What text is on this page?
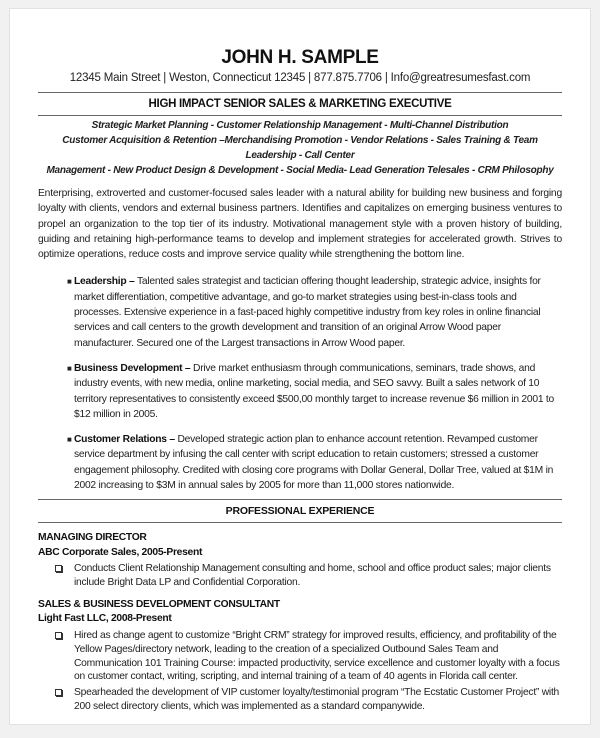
JOHN H. SAMPLE
12345 Main Street | Weston, Connecticut 12345 | 877.875.7706 | Info@greatresumesfast.com
HIGH IMPACT SENIOR SALES & MARKETING EXECUTIVE
Strategic Market Planning - Customer Relationship Management - Multi-Channel Distribution
Customer Acquisition & Retention –Merchandising Promotion - Vendor Relations - Sales Training & Team Leadership - Call Center
Management - New Product Design & Development - Social Media- Lead Generation Telesales - CRM Philosophy
Enterprising, extroverted and customer-focused sales leader with a natural ability for building new business and forging loyalty with clients, vendors and external business partners. Identifies and capitalizes on emerging business ventures to propel an organization to the top tier of its industry. Motivational management style with a proven history of building, guiding and retaining high-performance teams to develop and implement strategies for accelerated growth. Strives to optimize operations, reduce costs and improve service quality while strengthening the bottom line.
■ Leadership – Talented sales strategist and tactician offering thought leadership, strategic advice, insights for market differentiation, competitive advantage, and go-to market strategies using best-in-class tools and processes. Extensive experience in a fast-paced highly competitive industry from key roles in online financial services and call centers to the growth development and transition of an original Arrow Wood paper manufacturer. Secured one of the Largest transactions in Arrow Wood paper.
■ Business Development – Drive market enthusiasm through communications, seminars, trade shows, and industry events, with new media, online marketing, social media, and SEO savvy. Built a sales network of 10 territory representatives to consistently exceed $500,00 monthly target to increase revenue $6 million in 2001 to $12 million in 2005.
■ Customer Relations – Developed strategic action plan to enhance account retention. Revamped customer service department by infusing the call center with script education to retain customers; stressed a customer engagement philosophy. Credited with closing core programs with Dollar General, Dollar Tree, valued at $1M in 2002 increasing to $3M in annual sales by 2005 for more than 11,000 stores nationwide.
PROFESSIONAL EXPERIENCE
MANAGING DIRECTOR
ABC Corporate Sales, 2005-Present
Conducts Client Relationship Management consulting and home, school and office product sales; major clients include Bright Data LP and Confidential Corporation.
SALES & BUSINESS DEVELOPMENT CONSULTANT
Light Fast LLC, 2008-Present
Hired as change agent to customize “Bright CRM” strategy for improved results, efficiency, and profitability of the Yellow Pages/directory network, leading to the creation of a specialized Outbound Sales Team and Communication 101 Training Course: impacted productivity, service excellence and customer loyalty with a focus on customer contact, writing, scripting, and internal training of a team of 40 agents in Florida call center.
Spearheaded the development of VIP customer loyalty/testimonial program “The Ecstatic Customer Project” with 200 select directory clients, which was implemented as a standard companywide.
